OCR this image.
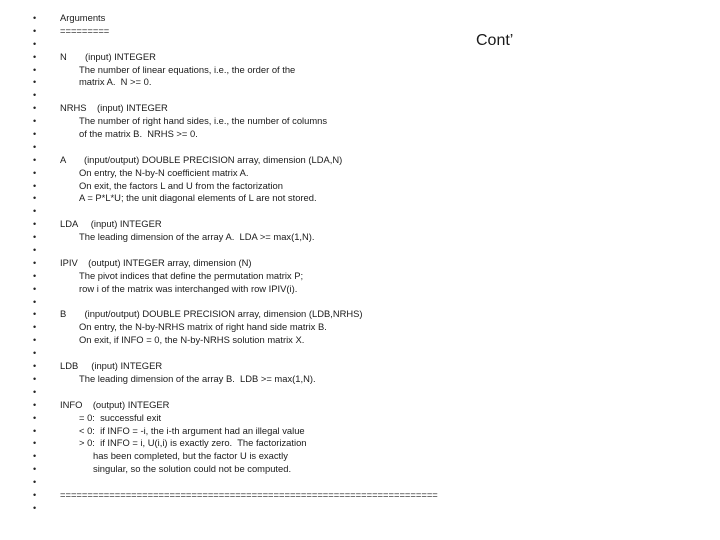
Cont’
•	Arguments
•	=========
•
•	N       (input) INTEGER
•	The number of linear equations, i.e., the order of the
•	matrix A.  N >= 0.
•
•	NRHS    (input) INTEGER
•	The number of right hand sides, i.e., the number of columns
•	of the matrix B.  NRHS >= 0.
•
•	A       (input/output) DOUBLE PRECISION array, dimension (LDA,N)
•	On entry, the N-by-N coefficient matrix A.
•	On exit, the factors L and U from the factorization
•	A = P*L*U; the unit diagonal elements of L are not stored.
•
•	LDA     (input) INTEGER
•	The leading dimension of the array A.  LDA >= max(1,N).
•
•	IPIV    (output) INTEGER array, dimension (N)
•	The pivot indices that define the permutation matrix P;
•	row i of the matrix was interchanged with row IPIV(i).
•
•	B       (input/output) DOUBLE PRECISION array, dimension (LDB,NRHS)
•	On entry, the N-by-NRHS matrix of right hand side matrix B.
•	On exit, if INFO = 0, the N-by-NRHS solution matrix X.
•
•	LDB     (input) INTEGER
•	The leading dimension of the array B.  LDB >= max(1,N).
•
•	INFO    (output) INTEGER
•	= 0:  successful exit
•	< 0:  if INFO = -i, the i-th argument had an illegal value
•	> 0:  if INFO = i, U(i,i) is exactly zero.  The factorization
•	has been completed, but the factor U is exactly
•	singular, so the solution could not be computed.
•
•	=====================================================================
•
